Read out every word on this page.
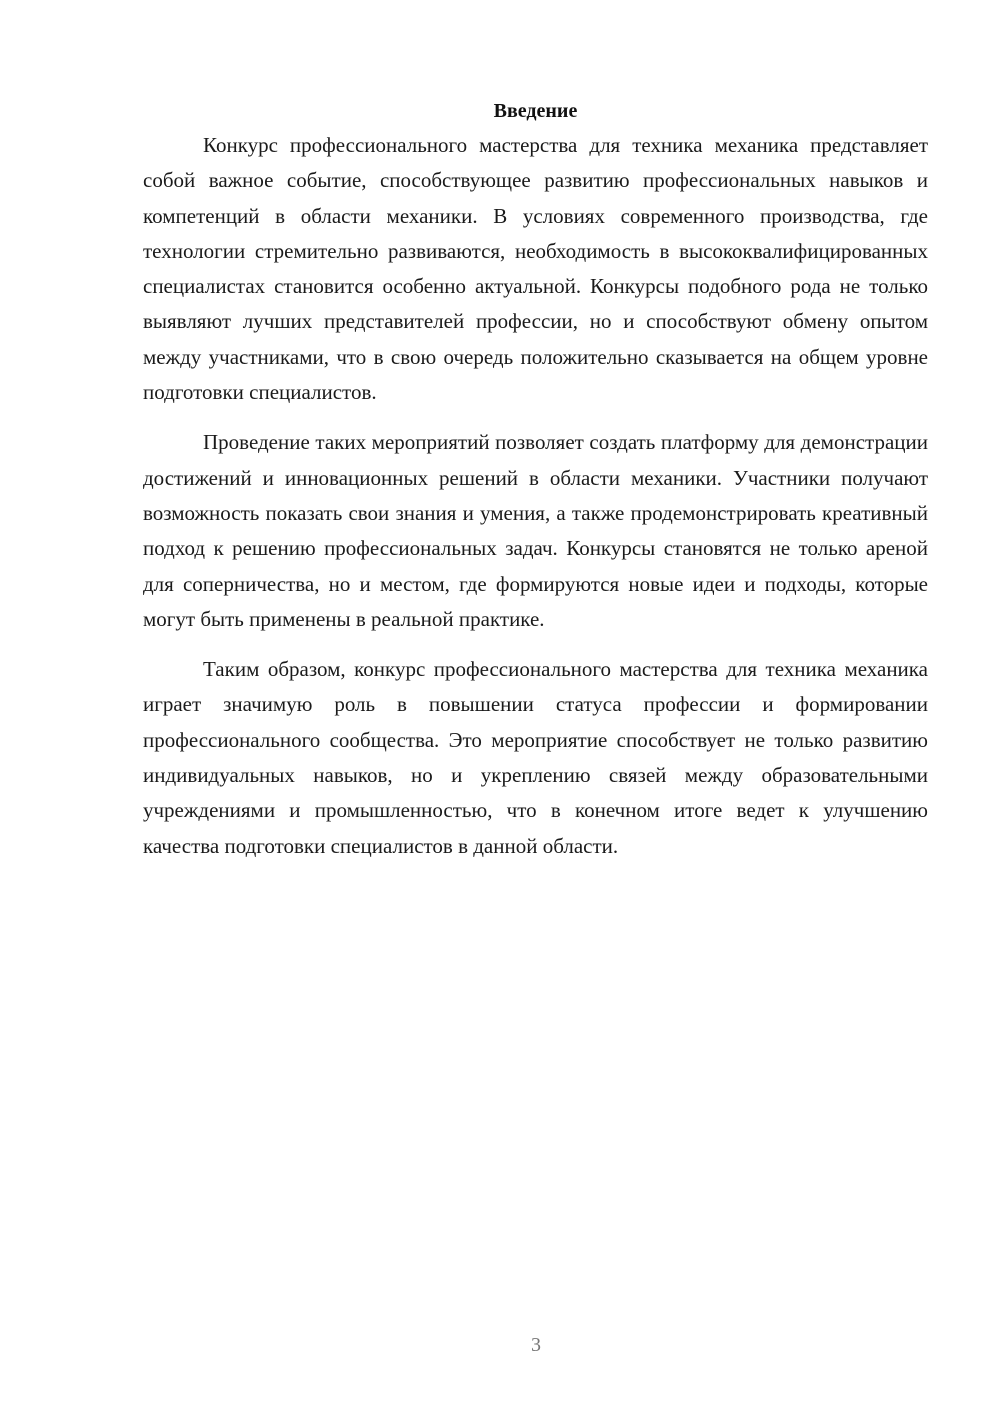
Введение

Конкурс профессионального мастерства для техника механика представляет собой важное событие, способствующее развитию профессиональных навыков и компетенций в области механики. В условиях современного производства, где технологии стремительно развиваются, необходимость в высококвалифицированных специалистах становится особенно актуальной. Конкурсы подобного рода не только выявляют лучших представителей профессии, но и способствуют обмену опытом между участниками, что в свою очередь положительно сказывается на общем уровне подготовки специалистов.

Проведение таких мероприятий позволяет создать платформу для демонстрации достижений и инновационных решений в области механики. Участники получают возможность показать свои знания и умения, а также продемонстрировать креативный подход к решению профессиональных задач. Конкурсы становятся не только ареной для соперничества, но и местом, где формируются новые идеи и подходы, которые могут быть применены в реальной практике.

Таким образом, конкурс профессионального мастерства для техника механика играет значимую роль в повышении статуса профессии и формировании профессионального сообщества. Это мероприятие способствует не только развитию индивидуальных навыков, но и укреплению связей между образовательными учреждениями и промышленностью, что в конечном итоге ведет к улучшению качества подготовки специалистов в данной области.

3
